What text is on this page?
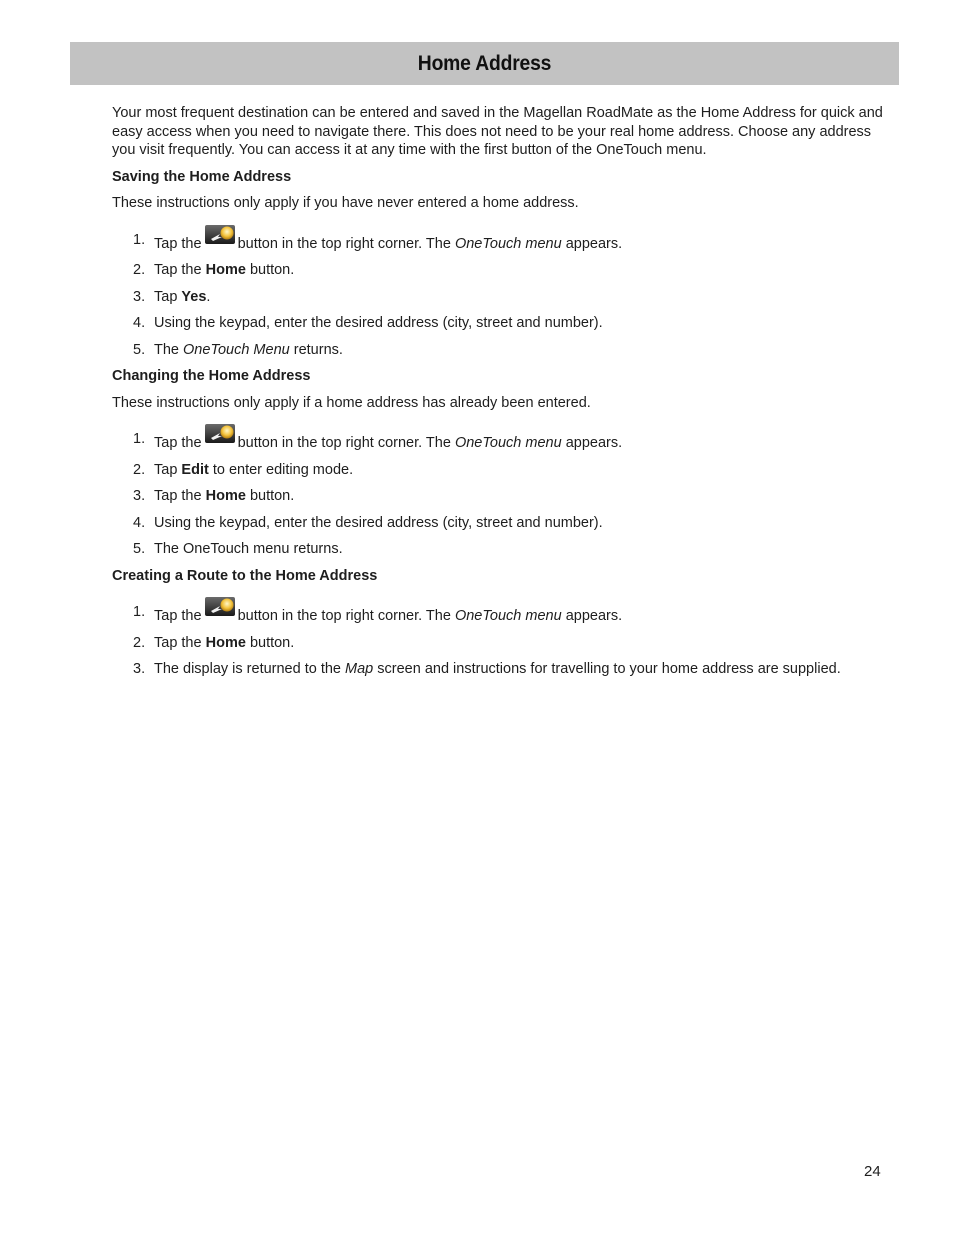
Home Address

Your most frequent destination can be entered and saved in the Magellan RoadMate as the Home Address for quick and easy access when you need to navigate there. This does not need to be your real home address. Choose any address you visit frequently. You can access it at any time with the first button of the OneTouch menu.

Saving the Home Address

These instructions only apply if you have never entered a home address.

1. Tap the button in the top right corner. The OneTouch menu appears.
2. Tap the Home button.
3. Tap Yes.
4. Using the keypad, enter the desired address (city, street and number).
5. The OneTouch Menu returns.
Changing the Home Address

These instructions only apply if a home address has already been entered.

1. Tap the button in the top right corner. The OneTouch menu appears.
2. Tap Edit to enter editing mode.
3. Tap the Home button.
4. Using the keypad, enter the desired address (city, street and number).
5. The OneTouch menu returns.
Creating a Route to the Home Address
1. Tap the button in the top right corner. The OneTouch menu appears.
2. Tap the Home button.
3. The display is returned to the Map screen and instructions for travelling to your home address are supplied.
24
